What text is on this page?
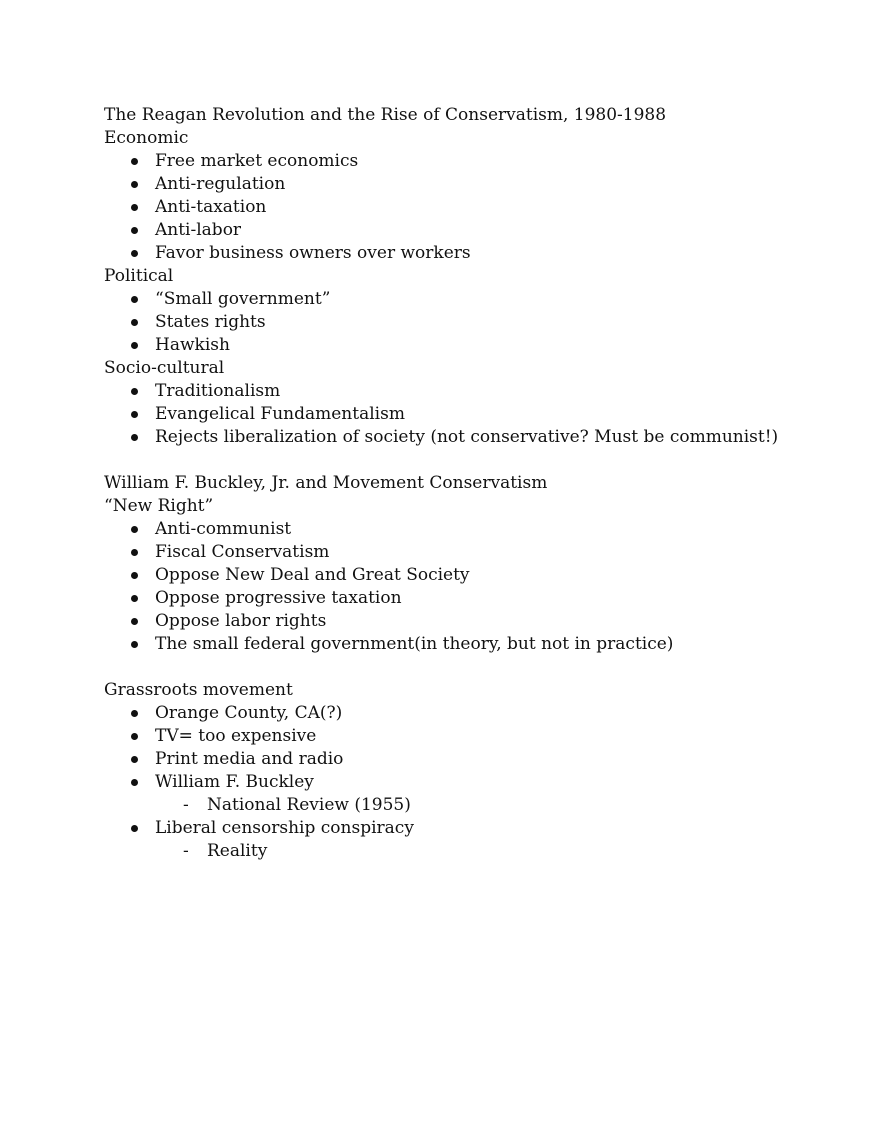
The Reagan Revolution and the Rise of Conservatism, 1980-1988
Economic
Free market economics
Anti-regulation
Anti-taxation
Anti-labor
Favor business owners over workers
Political
“Small government”
States rights
Hawkish
Socio-cultural
Traditionalism
Evangelical Fundamentalism
Rejects liberalization of society (not conservative? Must be communist!)
William F. Buckley, Jr. and Movement Conservatism
“New Right”
Anti-communist
Fiscal Conservatism
Oppose New Deal and Great Society
Oppose progressive taxation
Oppose labor rights
The small federal government(in theory, but not in practice)
Grassroots movement
Orange County, CA(?)
TV= too expensive
Print media and radio
William F. Buckley
- National Review (1955)
Liberal censorship conspiracy
- Reality
